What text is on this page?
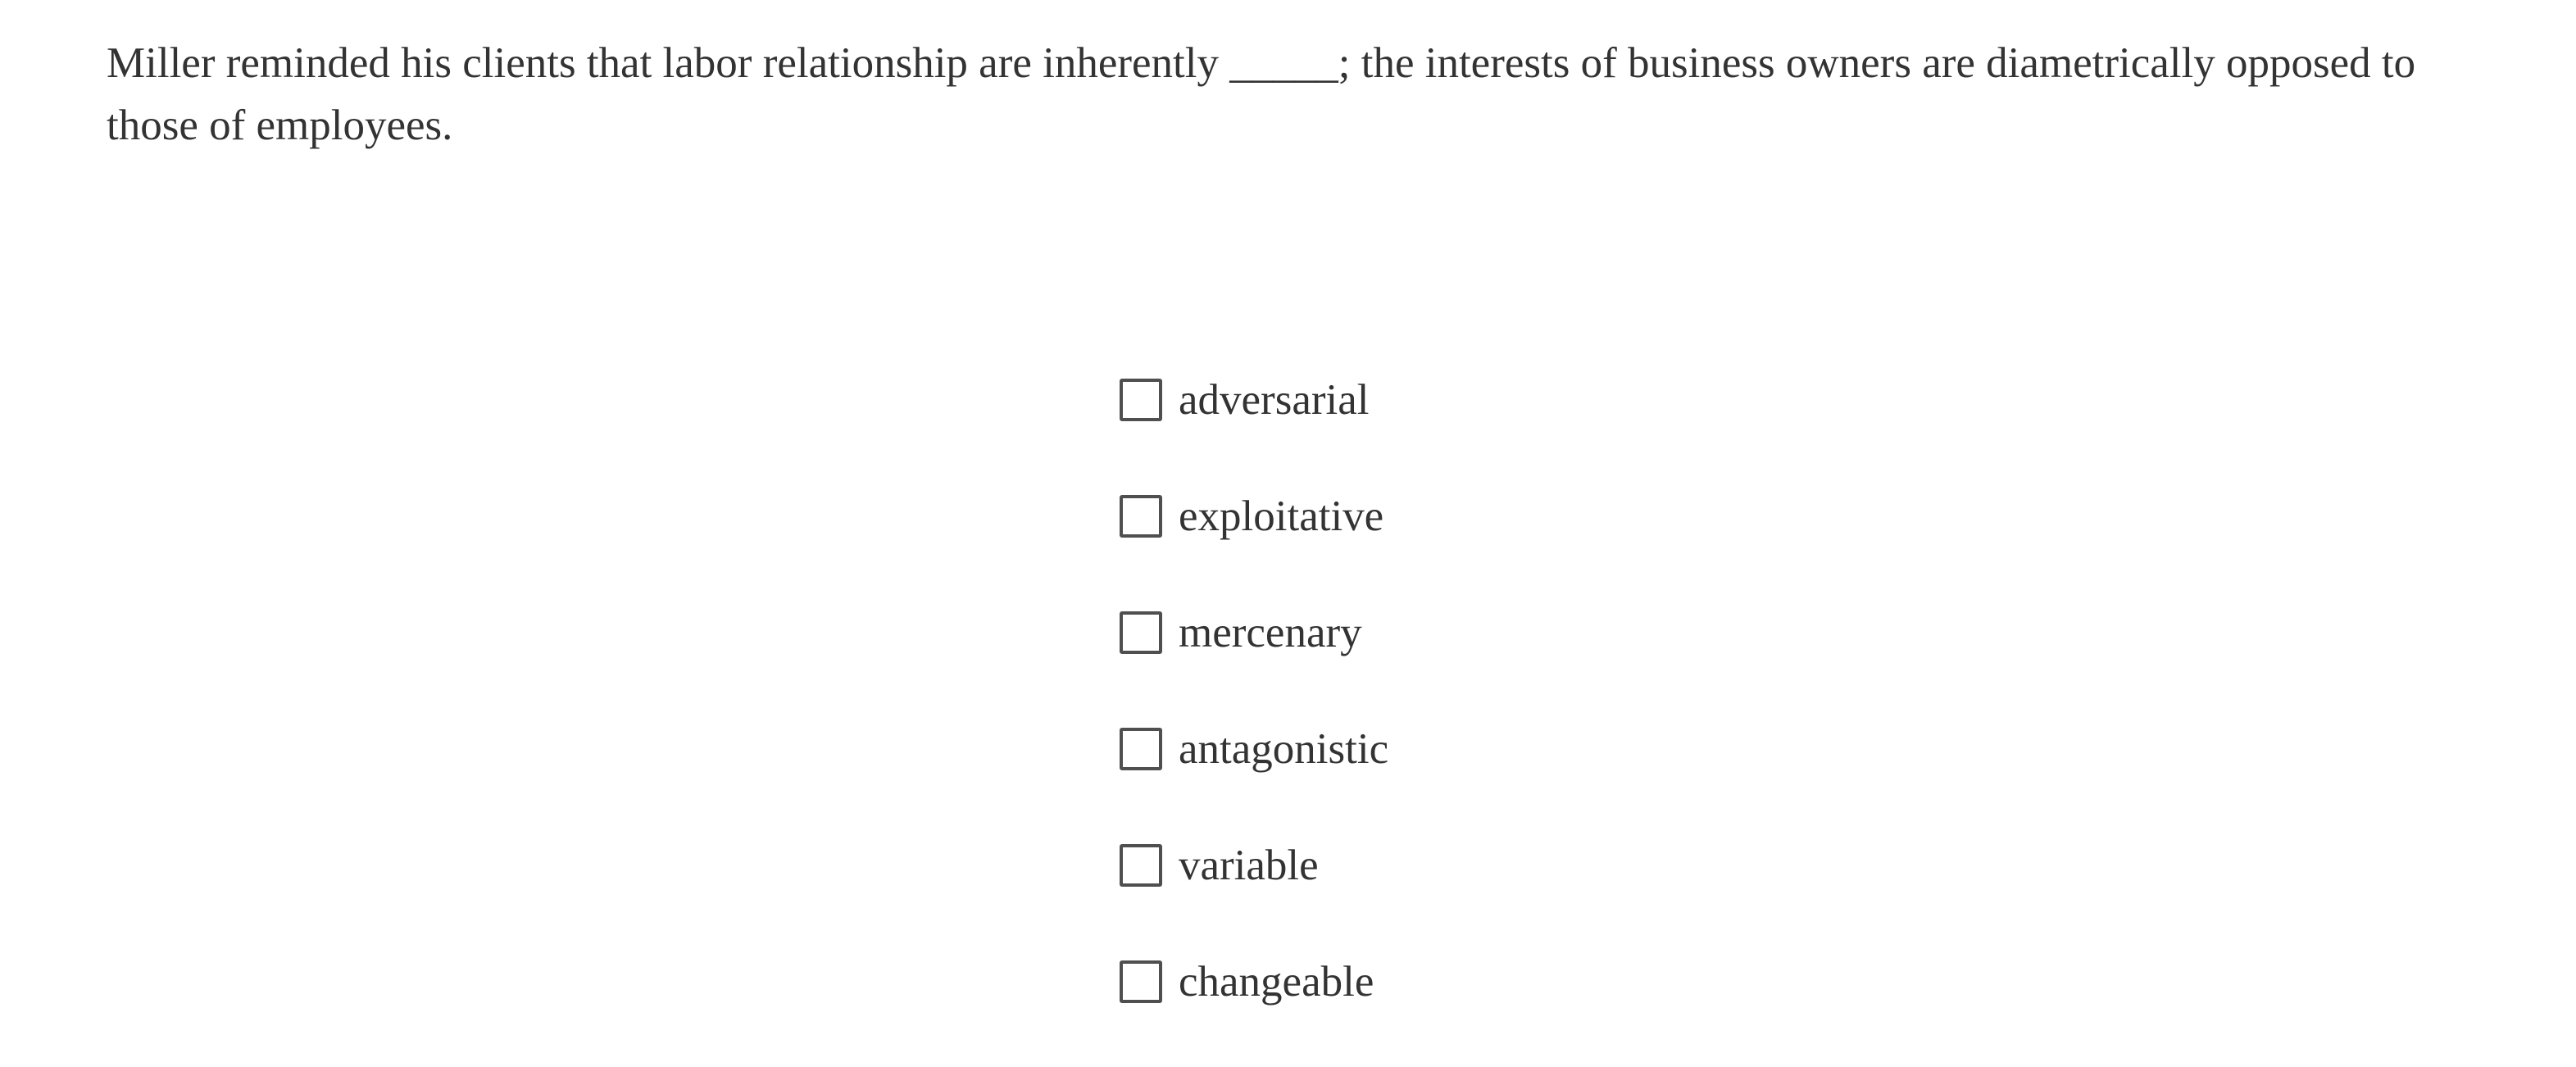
Miller reminded his clients that labor relationship are inherently _____; the interests of business owners are diametrically opposed to those of employees.

adversarial
exploitative
mercenary
antagonistic
variable
changeable
